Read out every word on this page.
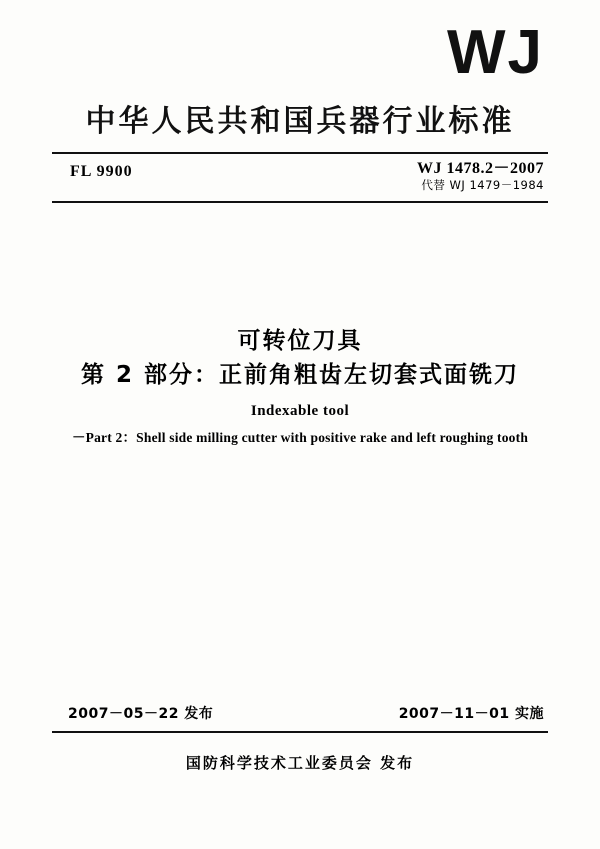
WJ
中华人民共和国兵器行业标准
FL 9900	WJ 1478.2－2007
代替 WJ 1479－1984
可转位刀具
第 2 部分：正前角粗齿左切套式面铣刀
Indexable tool
－Part 2：Shell side milling cutter with positive rake and left roughing tooth
2007－05－22 发布	2007－11－01 实施
国防科学技术工业委员会 发布
